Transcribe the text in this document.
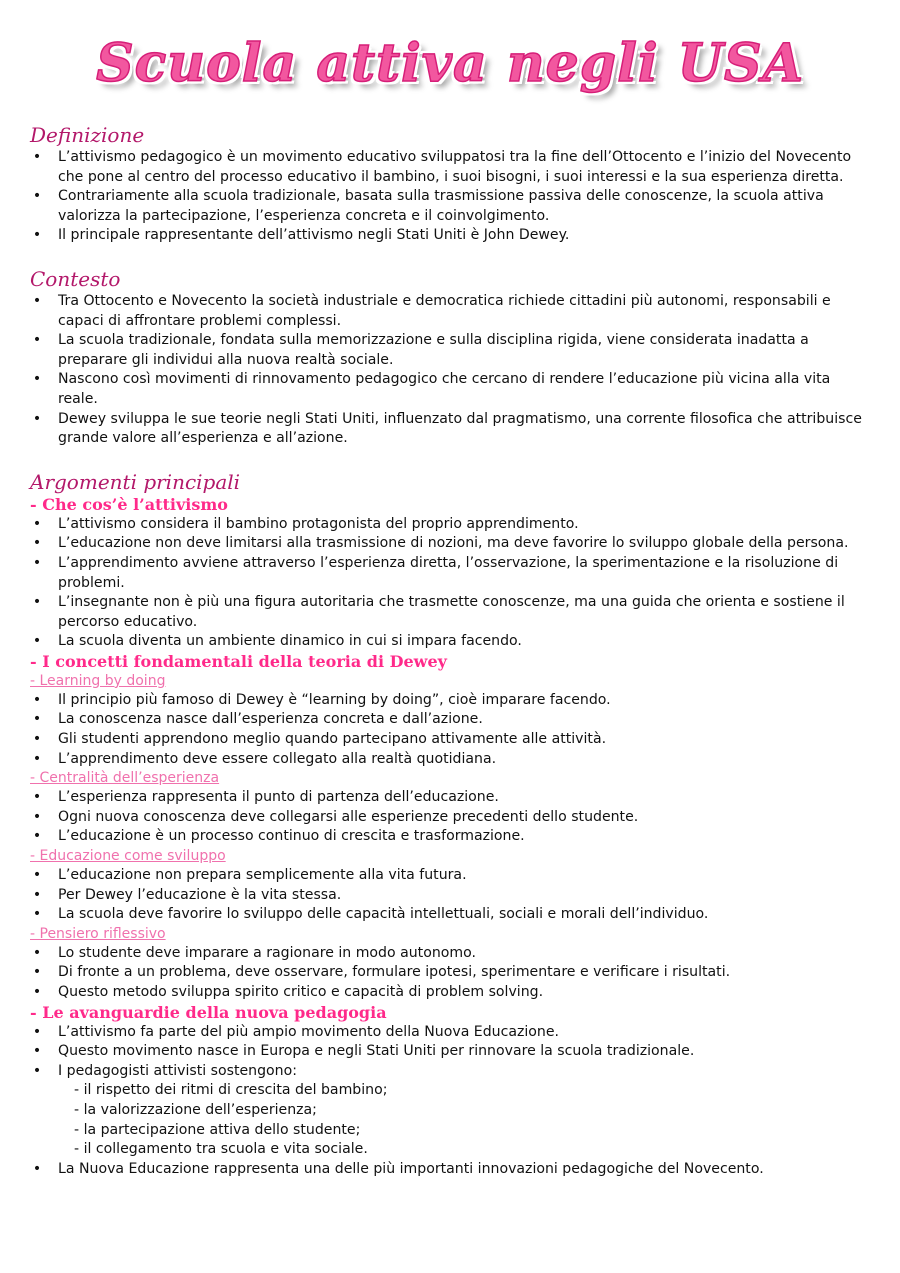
Scuola attiva negli USA
Definizione
• L’attivismo pedagogico è un movimento educativo sviluppatosi tra la fine dell’Ottocento e l’inizio del Novecento che pone al centro del processo educativo il bambino, i suoi bisogni, i suoi interessi e la sua esperienza diretta.
• Contrariamente alla scuola tradizionale, basata sulla trasmissione passiva delle conoscenze, la scuola attiva valorizza la partecipazione, l’esperienza concreta e il coinvolgimento.
• Il principale rappresentante dell’attivismo negli Stati Uniti è John Dewey.
Contesto
• Tra Ottocento e Novecento la società industriale e democratica richiede cittadini più autonomi, responsabili e capaci di affrontare problemi complessi.
• La scuola tradizionale, fondata sulla memorizzazione e sulla disciplina rigida, viene considerata inadatta a preparare gli individui alla nuova realtà sociale.
• Nascono così movimenti di rinnovamento pedagogico che cercano di rendere l’educazione più vicina alla vita reale.
• Dewey sviluppa le sue teorie negli Stati Uniti, influenzato dal pragmatismo, una corrente filosofica che attribuisce grande valore all’esperienza e all’azione.
Argomenti principali
- Che cos’è l’attivismo
• L’attivismo considera il bambino protagonista del proprio apprendimento.
• L’educazione non deve limitarsi alla trasmissione di nozioni, ma deve favorire lo sviluppo globale della persona.
• L’apprendimento avviene attraverso l’esperienza diretta, l’osservazione, la sperimentazione e la risoluzione di problemi.
• L’insegnante non è più una figura autoritaria che trasmette conoscenze, ma una guida che orienta e sostiene il percorso educativo.
• La scuola diventa un ambiente dinamico in cui si impara facendo.
- I concetti fondamentali della teoria di Dewey
- Learning by doing
• Il principio più famoso di Dewey è “learning by doing”, cioè imparare facendo.
• La conoscenza nasce dall’esperienza concreta e dall’azione.
• Gli studenti apprendono meglio quando partecipano attivamente alle attività.
• L’apprendimento deve essere collegato alla realtà quotidiana.
- Centralità dell’esperienza
• L’esperienza rappresenta il punto di partenza dell’educazione.
• Ogni nuova conoscenza deve collegarsi alle esperienze precedenti dello studente.
• L’educazione è un processo continuo di crescita e trasformazione.
- Educazione come sviluppo
• L’educazione non prepara semplicemente alla vita futura.
• Per Dewey l’educazione è la vita stessa.
• La scuola deve favorire lo sviluppo delle capacità intellettuali, sociali e morali dell’individuo.
- Pensiero riflessivo
• Lo studente deve imparare a ragionare in modo autonomo.
• Di fronte a un problema, deve osservare, formulare ipotesi, sperimentare e verificare i risultati.
• Questo metodo sviluppa spirito critico e capacità di problem solving.
- Le avanguardie della nuova pedagogia
• L’attivismo fa parte del più ampio movimento della Nuova Educazione.
• Questo movimento nasce in Europa e negli Stati Uniti per rinnovare la scuola tradizionale.
• I pedagogisti attivisti sostengono:
- il rispetto dei ritmi di crescita del bambino;
- la valorizzazione dell’esperienza;
- la partecipazione attiva dello studente;
- il collegamento tra scuola e vita sociale.
• La Nuova Educazione rappresenta una delle più importanti innovazioni pedagogiche del Novecento.
